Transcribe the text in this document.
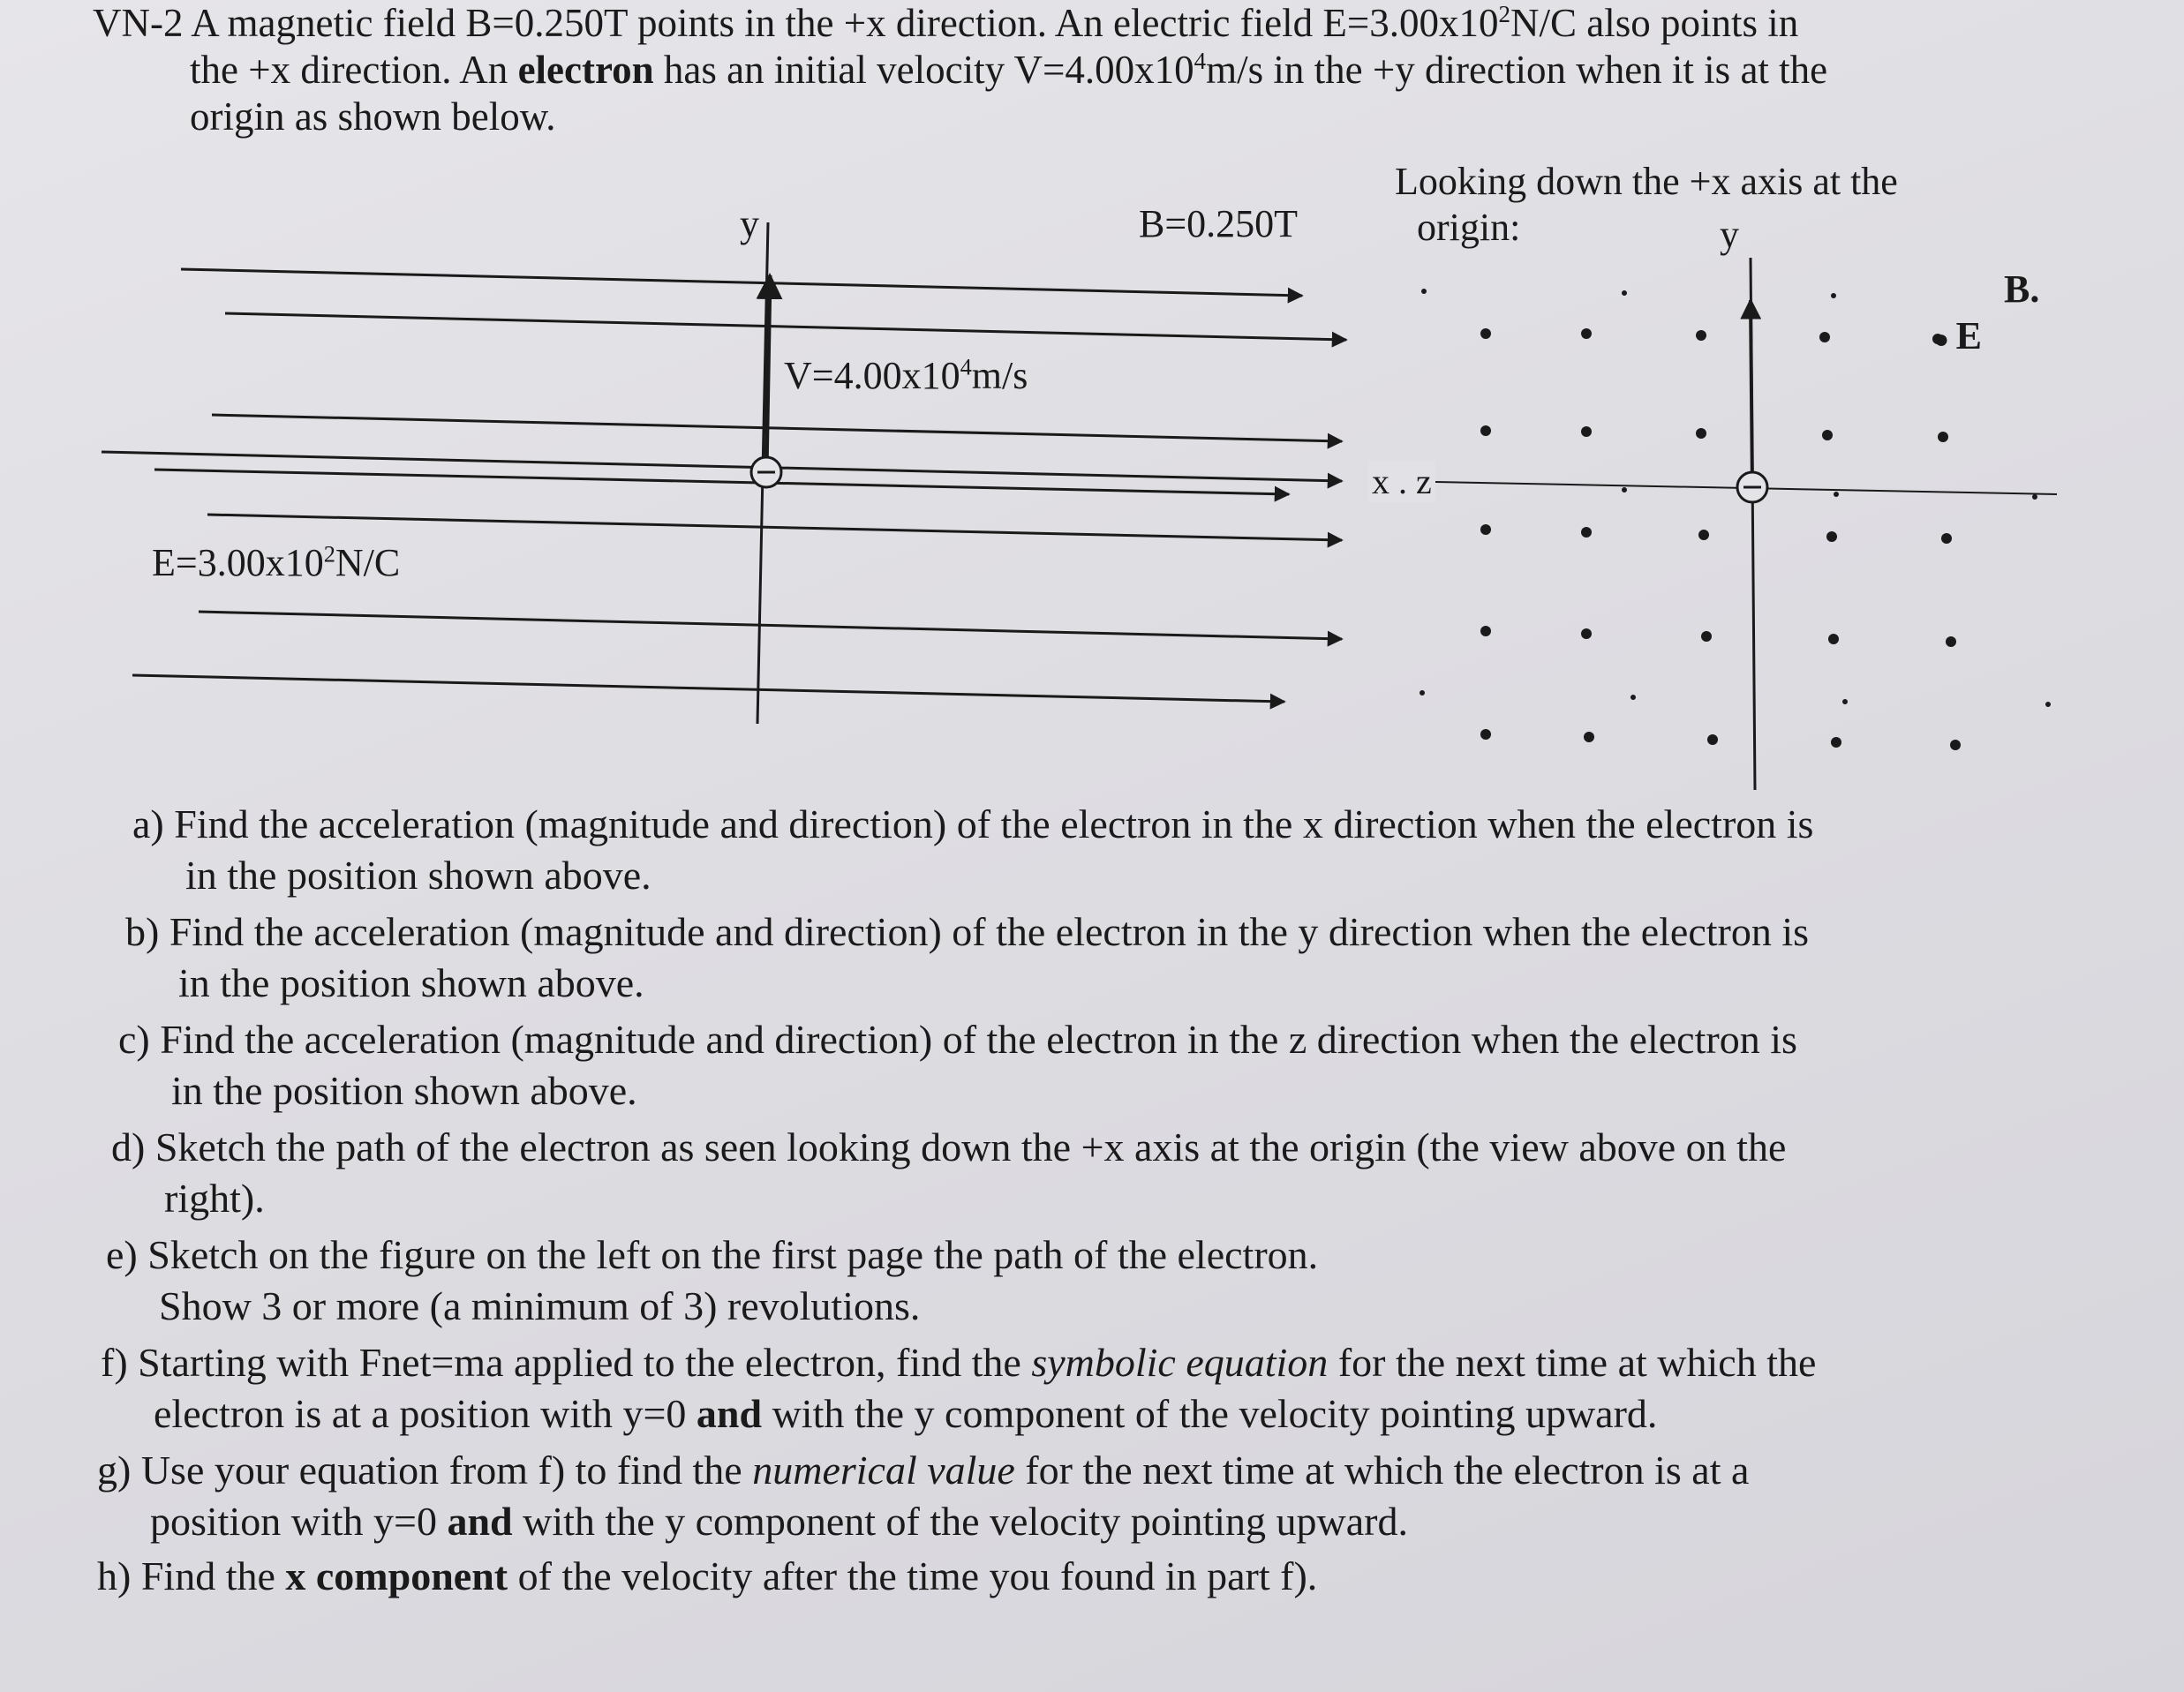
VN-2 A magnetic field B=0.250T points in the +x direction. An electric field $E=3.00x10^2N/C$ also points in
the +x direction. An electron has an initial velocity $V=4.00x10^4m/s$ in the +y direction when it is at the
origin as shown below.
y	B=0.250T
$V=4.00x10^4m/s$
$E=3.00x10^2N/C$
Looking down the +x axis at the
origin:	y
x . z
B.
● E
a) Find the acceleration (magnitude and direction) of the electron in the x direction when the electron is
in the position shown above.
b) Find the acceleration (magnitude and direction) of the electron in the y direction when the electron is
in the position shown above.
c) Find the acceleration (magnitude and direction) of the electron in the z direction when the electron is
in the position shown above.
d) Sketch the path of the electron as seen looking down the +x axis at the origin (the view above on the
right).
e) Sketch on the figure on the left on the first page the path of the electron.
Show 3 or more (a minimum of 3) revolutions.
f) Starting with Fnet=ma applied to the electron, find the symbolic equation for the next time at which the
electron is at a position with y=0 and with the y component of the velocity pointing upward.
g) Use your equation from f) to find the numerical value for the next time at which the electron is at a
position with y=0 and with the y component of the velocity pointing upward.
h) Find the x component of the velocity after the time you found in part f).
